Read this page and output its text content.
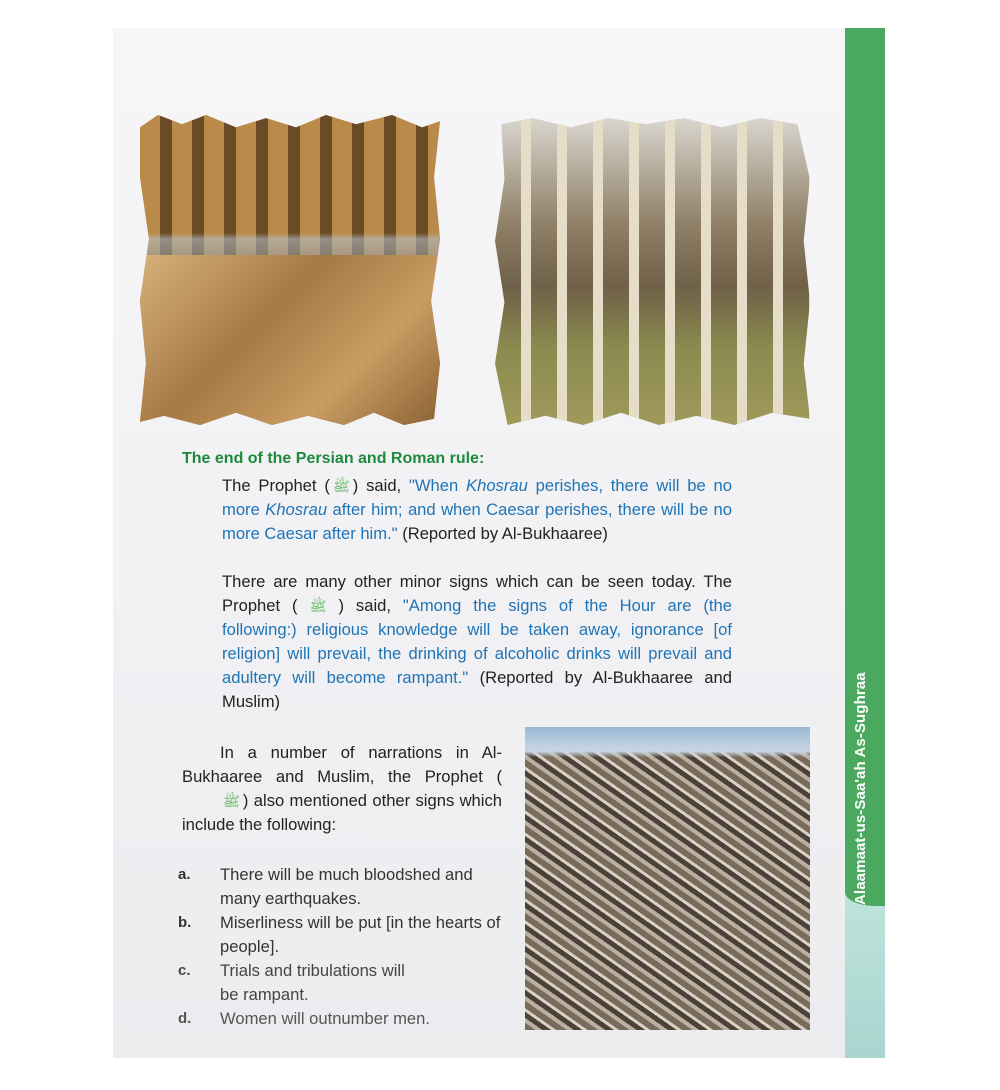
Alaamaat-us-Saa'ah As-Sughraa
The end of the Persian and Roman rule:
The Prophet ( ﷺ ) said, "When Khosrau perishes, there will be no more Khosrau after him; and when Caesar perishes, there will be no more Caesar after him." (Reported by Al-Bukhaaree)
There are many other minor signs which can be seen today. The Prophet ( ﷺ ) said, "Among the signs of the Hour are (the following:) religious knowledge will be taken away, ignorance [of religion] will prevail, the drinking of alcoholic drinks will prevail and adultery will become rampant." (Reported by Al-Bukhaaree and Muslim)
In a number of narrations in Al-Bukhaaree and Muslim, the Prophet (ﷺ ) also mentioned other signs which include the following:
a.	There will be much bloodshed and many earthquakes.
b.	Miserliness will be put [in the hearts of people].
c.	Trials and tribulations will be rampant.
d.	Women will outnumber men.
